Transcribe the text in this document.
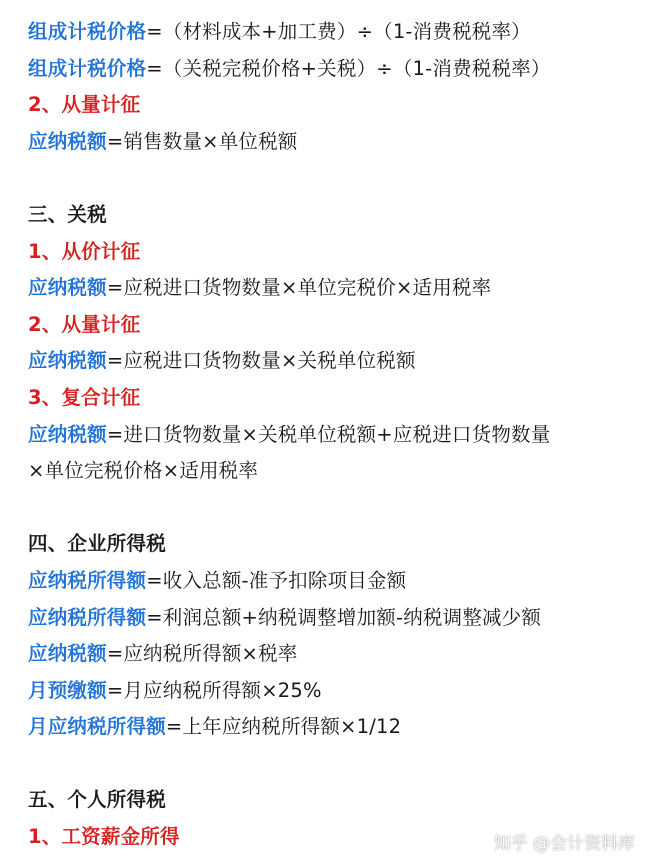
组成计税价格=（材料成本+加工费）÷（1-消费税税率）
组成计税价格=（关税完税价格+关税）÷（1-消费税税率）
2、从量计征
应纳税额=销售数量×单位税额
三、关税
1、从价计征
应纳税额=应税进口货物数量×单位完税价×适用税率
2、从量计征
应纳税额=应税进口货物数量×关税单位税额
3、复合计征
应纳税额=进口货物数量×关税单位税额+应税进口货物数量
×单位完税价格×适用税率
四、企业所得税
应纳税所得额=收入总额-准予扣除项目金额
应纳税所得额=利润总额+纳税调整增加额-纳税调整减少额
应纳税额=应纳税所得额×税率
月预缴额=月应纳税所得额×25%
月应纳税所得额=上年应纳税所得额×1/12
五、个人所得税
1、工资薪金所得	知乎 @会计资料库
